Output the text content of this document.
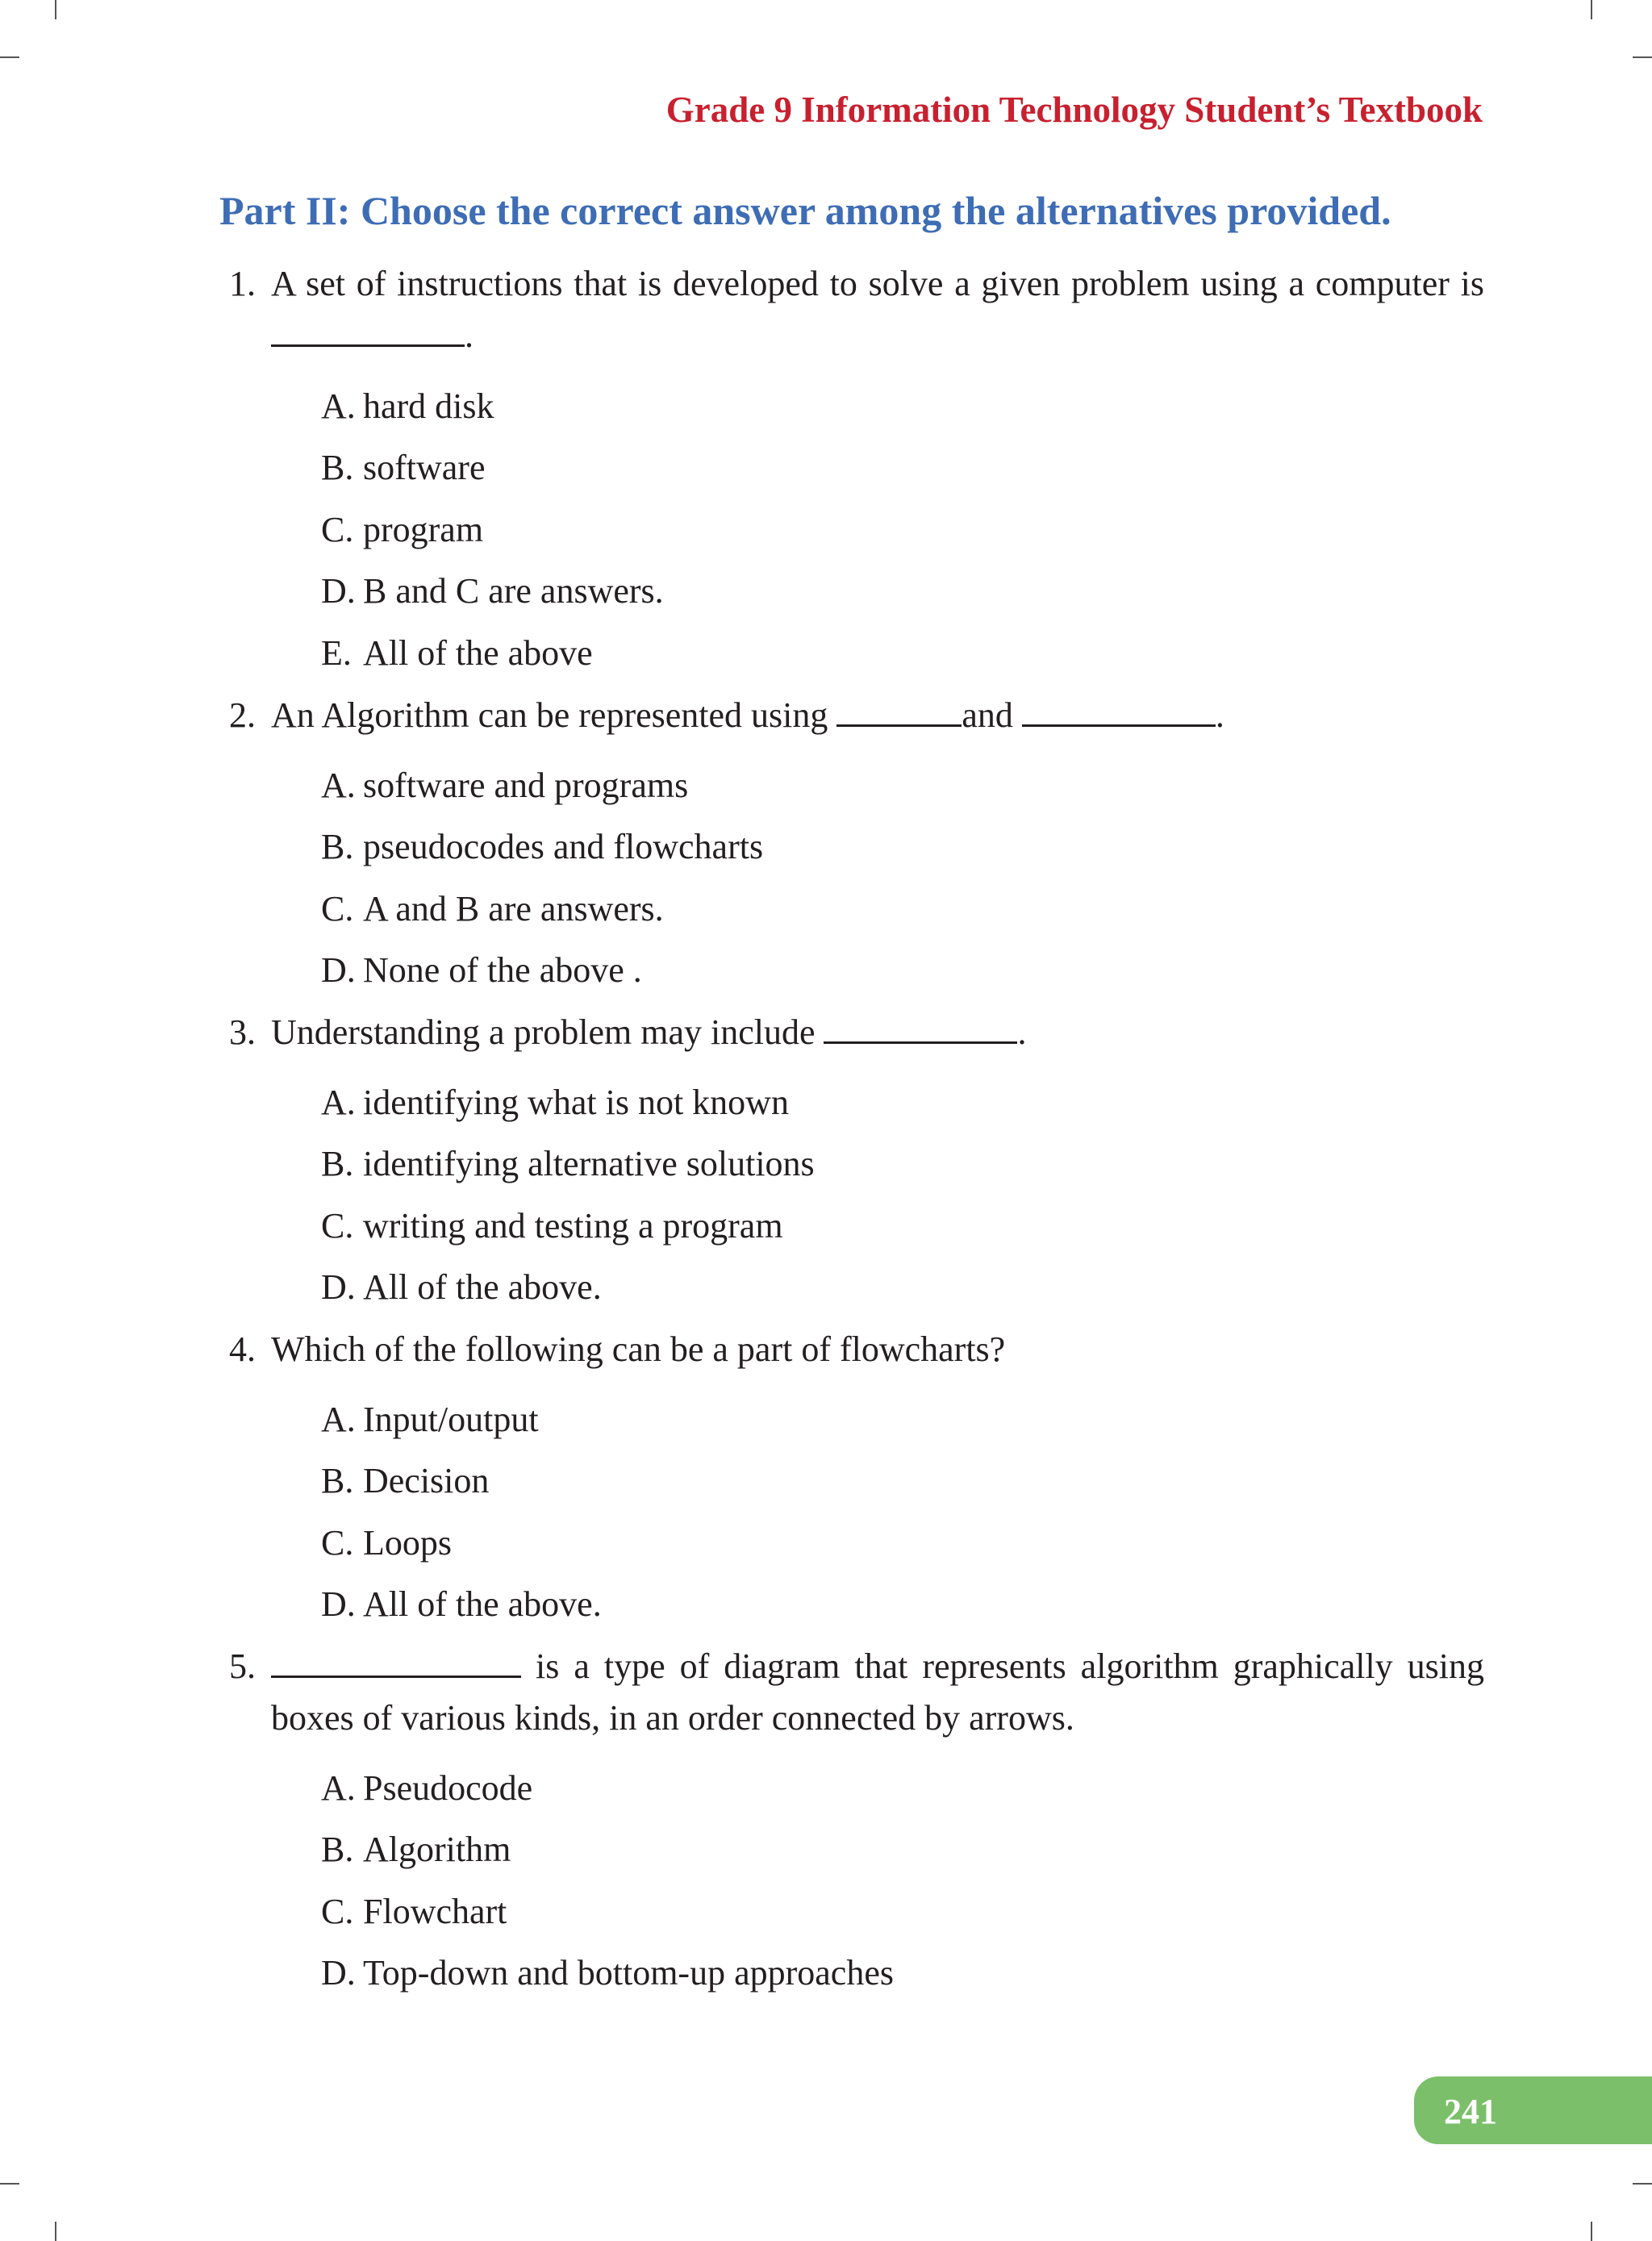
Grade 9 Information Technology Student’s Textbook
Part II: Choose the correct answer among the alternatives provided.
1. A set of instructions that is developed to solve a given problem using a computer is .
A. hard disk
B. software
C. program
D. B and C are answers.
E. All of the above
2. An Algorithm can be represented using	and	.
A. software and programs
B. pseudocodes and flowcharts
C. A and B are answers.
D. None of the above .
3. Understanding a problem may include	.
A. identifying what is not known
B. identifying alternative solutions
C. writing and testing a program
D. All of the above.
4. Which of the following can be a part of flowcharts?
A. Input/output
B. Decision
C. Loops
D. All of the above.
5.	is a type of diagram that represents algorithm graphically using boxes of various kinds, in an order connected by arrows.
A. Pseudocode
B. Algorithm
C. Flowchart
D. Top-down and bottom-up approaches
241
